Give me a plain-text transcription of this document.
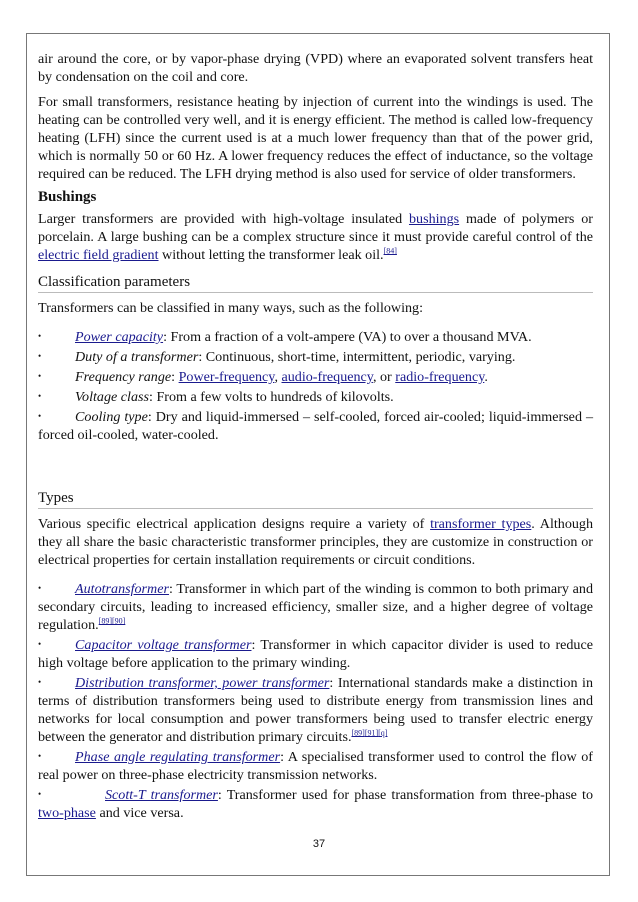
air around the core, or by vapor-phase drying (VPD) where an evaporated solvent transfers heat by condensation on the coil and core.

For small transformers, resistance heating by injection of current into the windings is used. The heating can be controlled very well, and it is energy efficient. The method is called low-frequency heating (LFH) since the current used is at a much lower frequency than that of the power grid, which is normally 50 or 60 Hz. A lower frequency reduces the effect of inductance, so the voltage required can be reduced. The LFH drying method is also used for service of older transformers.

Bushings

Larger transformers are provided with high-voltage insulated bushings made of polymers or porcelain. A large bushing can be a complex structure since it must provide careful control of the electric field gradient without letting the transformer leak oil.[84]

Classification parameters

Transformers can be classified in many ways, such as the following:

•Power capacity: From a fraction of a volt-ampere (VA) to over a thousand MVA.
•Duty of a transformer: Continuous, short-time, intermittent, periodic, varying.
•Frequency range: Power-frequency, audio-frequency, or radio-frequency.
•Voltage class: From a few volts to hundreds of kilovolts.
•Cooling type: Dry and liquid-immersed – self-cooled, forced air-cooled; liquid-immersed – forced oil-cooled, water-cooled.
Types

Various specific electrical application designs require a variety of transformer types. Although they all share the basic characteristic transformer principles, they are customize in construction or electrical properties for certain installation requirements or circuit conditions.

•Autotransformer: Transformer in which part of the winding is common to both primary and secondary circuits, leading to increased efficiency, smaller size, and a higher degree of voltage regulation.[89][90]
•Capacitor voltage transformer: Transformer in which capacitor divider is used to reduce high voltage before application to the primary winding.
•Distribution transformer, power transformer: International standards make a distinction in terms of distribution transformers being used to distribute energy from transmission lines and networks for local consumption and power transformers being used to transfer electric energy between the generator and distribution primary circuits.[89][91][q]
•Phase angle regulating transformer: A specialised transformer used to control the flow of real power on three-phase electricity transmission networks.
•Scott-T transformer: Transformer used for phase transformation from three-phase to two-phase and vice versa.
37
